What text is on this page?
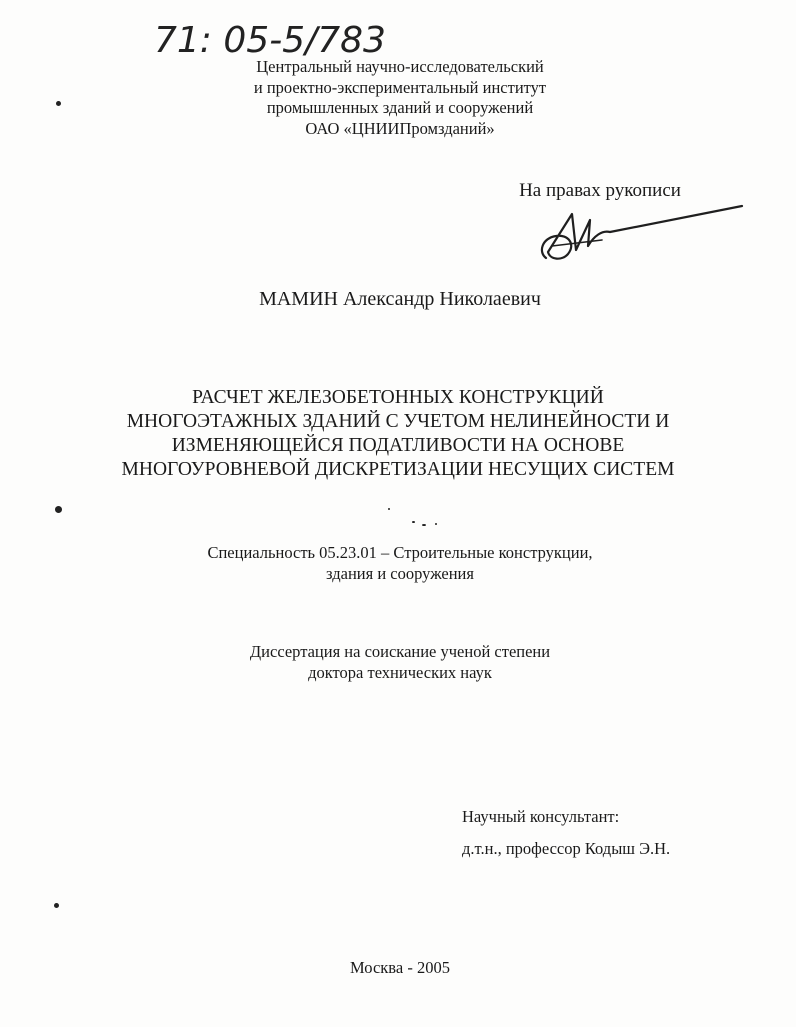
71: 05-5/783
Центральный научно-исследовательский
и проектно-экспериментальный институт
промышленных зданий и сооружений
ОАО «ЦНИИПромзданий»
На правах рукописи
МАМИН Александр Николаевич
РАСЧЕТ ЖЕЛЕЗОБЕТОННЫХ КОНСТРУКЦИЙ
МНОГОЭТАЖНЫХ ЗДАНИЙ С УЧЕТОМ НЕЛИНЕЙНОСТИ И
ИЗМЕНЯЮЩЕЙСЯ ПОДАТЛИВОСТИ НА ОСНОВЕ
МНОГОУРОВНЕВОЙ ДИСКРЕТИЗАЦИИ НЕСУЩИХ СИСТЕМ
Специальность 05.23.01 – Строительные конструкции,
здания и сооружения
Диссертация на соискание ученой степени
доктора технических наук
Научный консультант:
д.т.н., профессор Кодыш Э.Н.
Москва - 2005
